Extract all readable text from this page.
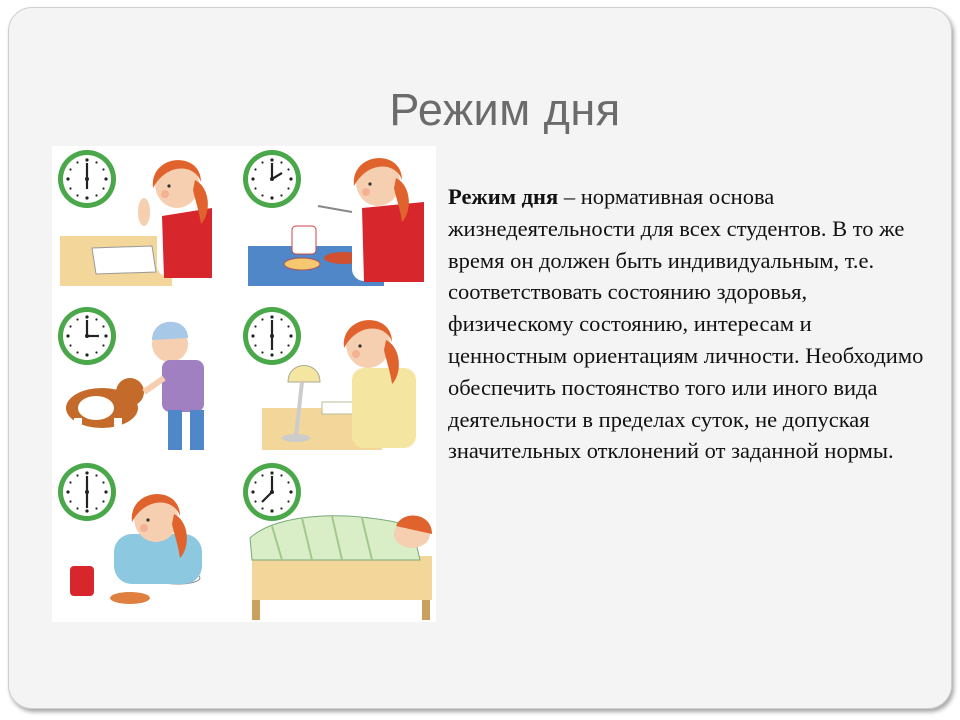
Режим дня

Режим дня – нормативная основа жизнедеятельности для всех студентов. В то же время он должен быть индивидуальным, т.е. соответствовать состоянию здоровья, физическому состоянию, интересам и ценностным ориентациям личности. Необходимо обеспечить постоянство того или иного вида деятельности в пределах суток, не допуская значительных отклонений от заданной нормы.
